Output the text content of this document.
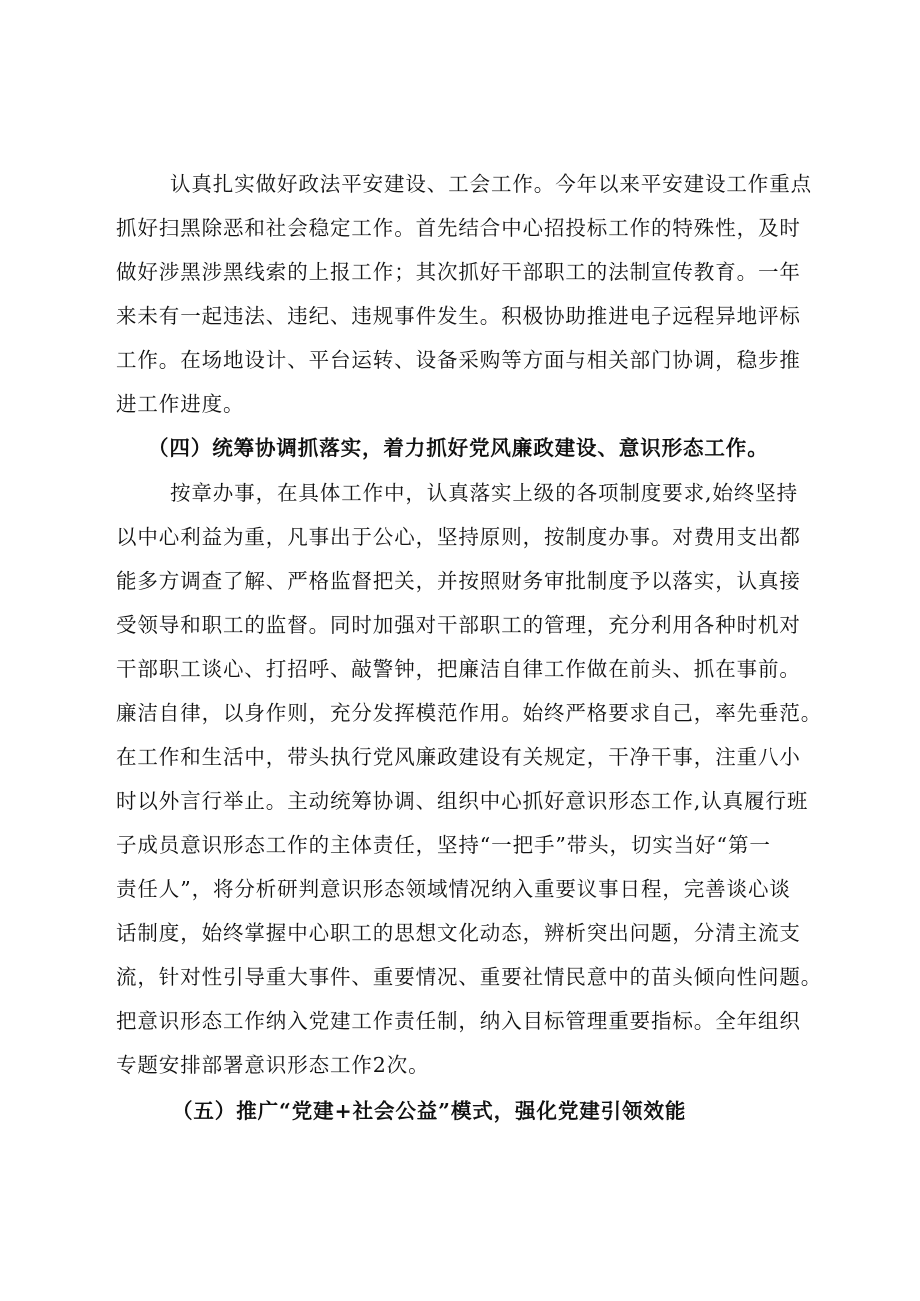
认真扎实做好政法平安建设、工会工作。今年以来平安建设工作重点
抓好扫黑除恶和社会稳定工作。首先结合中心招投标工作的特殊性，及时
做好涉黑涉黑线索的上报工作；其次抓好干部职工的法制宣传教育。一年
来未有一起违法、违纪、违规事件发生。积极协助推进电子远程异地评标
工作。在场地设计、平台运转、设备采购等方面与相关部门协调，稳步推
进工作进度。
（四）统筹协调抓落实，着力抓好党风廉政建设、意识形态工作。
按章办事，在具体工作中，认真落实上级的各项制度要求,始终坚持
以中心利益为重，凡事出于公心，坚持原则，按制度办事。对费用支出都
能多方调查了解、严格监督把关，并按照财务审批制度予以落实，认真接
受领导和职工的监督。同时加强对干部职工的管理，充分利用各种时机对
干部职工谈心、打招呼、敲警钟，把廉洁自律工作做在前头、抓在事前。
廉洁自律，以身作则，充分发挥模范作用。始终严格要求自己，率先垂范。
在工作和生活中，带头执行党风廉政建设有关规定，干净干事，注重八小
时以外言行举止。主动统筹协调、组织中心抓好意识形态工作,认真履行班
子成员意识形态工作的主体责任，坚持“一把手”带头，切实当好“第一
责任人”，将分析研判意识形态领域情况纳入重要议事日程，完善谈心谈
话制度，始终掌握中心职工的思想文化动态，辨析突出问题，分清主流支
流，针对性引导重大事件、重要情况、重要社情民意中的苗头倾向性问题。
把意识形态工作纳入党建工作责任制，纳入目标管理重要指标。全年组织
专题安排部署意识形态工作2次。
（五）推广“党建+社会公益”模式，强化党建引领效能
